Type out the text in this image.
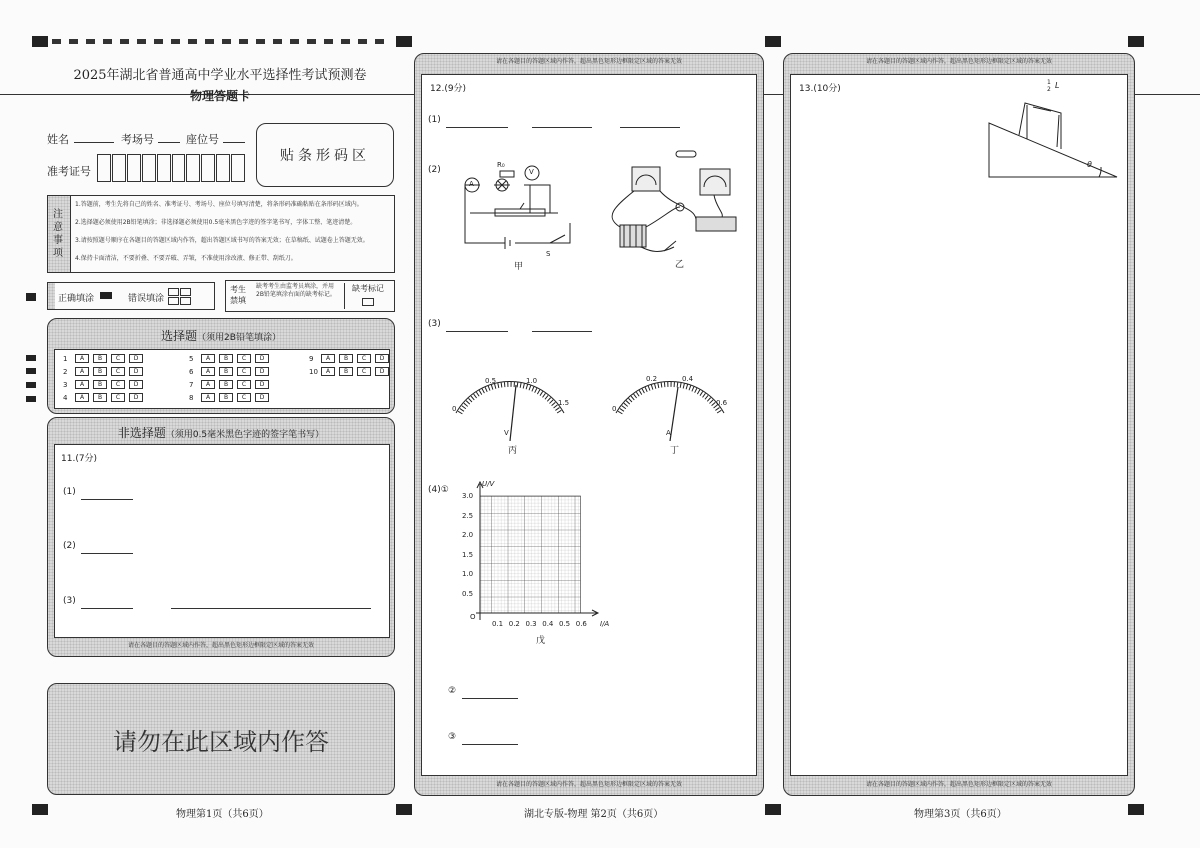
2025年湖北省普通高中学业水平选择性考试预测卷
物理答题卡
姓名	考场号	座位号
准考证号
贴条形码区
注意事项
1.答题前，考生先将自己的姓名、准考证号、考场号、座位号填写清楚，将条形码准确粘贴在条形码区域内。
2.选择题必须使用2B铅笔填涂；非选择题必须使用0.5毫米黑色字迹的签字笔书写，字体工整、笔迹清楚。
3.请按照题号顺序在各题目的答题区域内作答，超出答题区域书写的答案无效；在草稿纸、试题卷上答题无效。
4.保持卡面清洁，不要折叠、不要弄破、弄皱，不准使用涂改液、修正带、刮纸刀。
正确填涂	错误填涂
考生禁填
缺考考生由监考员填涂，并用2B铅笔填涂右面的缺考标记。
缺考标记
选择题（须用2B铅笔填涂）
1	A	B	C	D
2	A	B	C	D
3	A	B	C	D
4	A	B	C	D
5	A	B	C	D
6	A	B	C	D
7	A	B	C	D
8	A	B	C	D
9	A	B	C	D
10	A	B	C	D
非选择题（须用0.5毫米黑色字迹的签字笔书写）
11.(7分)
(1)
(2)
(3)
请在各题目的答题区域内作答，超出黑色矩形边框限定区域的答案无效
请勿在此区域内作答
物理第1页（共6页）
请在各题目的答题区域内作答，超出黑色矩形边框限定区域的答案无效
12.(9分)
(1)
(2)
A
V
R₀
S
甲	乙
(3)
0
0.5	1.0
1.5
V
丙
0
0.2	0.4
0.6
A
丁
(4)①
U/V
3.0
2.5
2.0
1.5
1.0
0.5
0.1 0.2 0.3 0.4 0.5 0.6
O
I/A
戊
②
③
请在各题目的答题区域内作答，超出黑色矩形边框限定区域的答案无效
湖北专版-物理 第2页（共6页）
请在各题目的答题区域内作答，超出黑色矩形边框限定区域的答案无效
13.(10分)
1
2 L
θ
请在各题目的答题区域内作答，超出黑色矩形边框限定区域的答案无效
物理第3页（共6页）
